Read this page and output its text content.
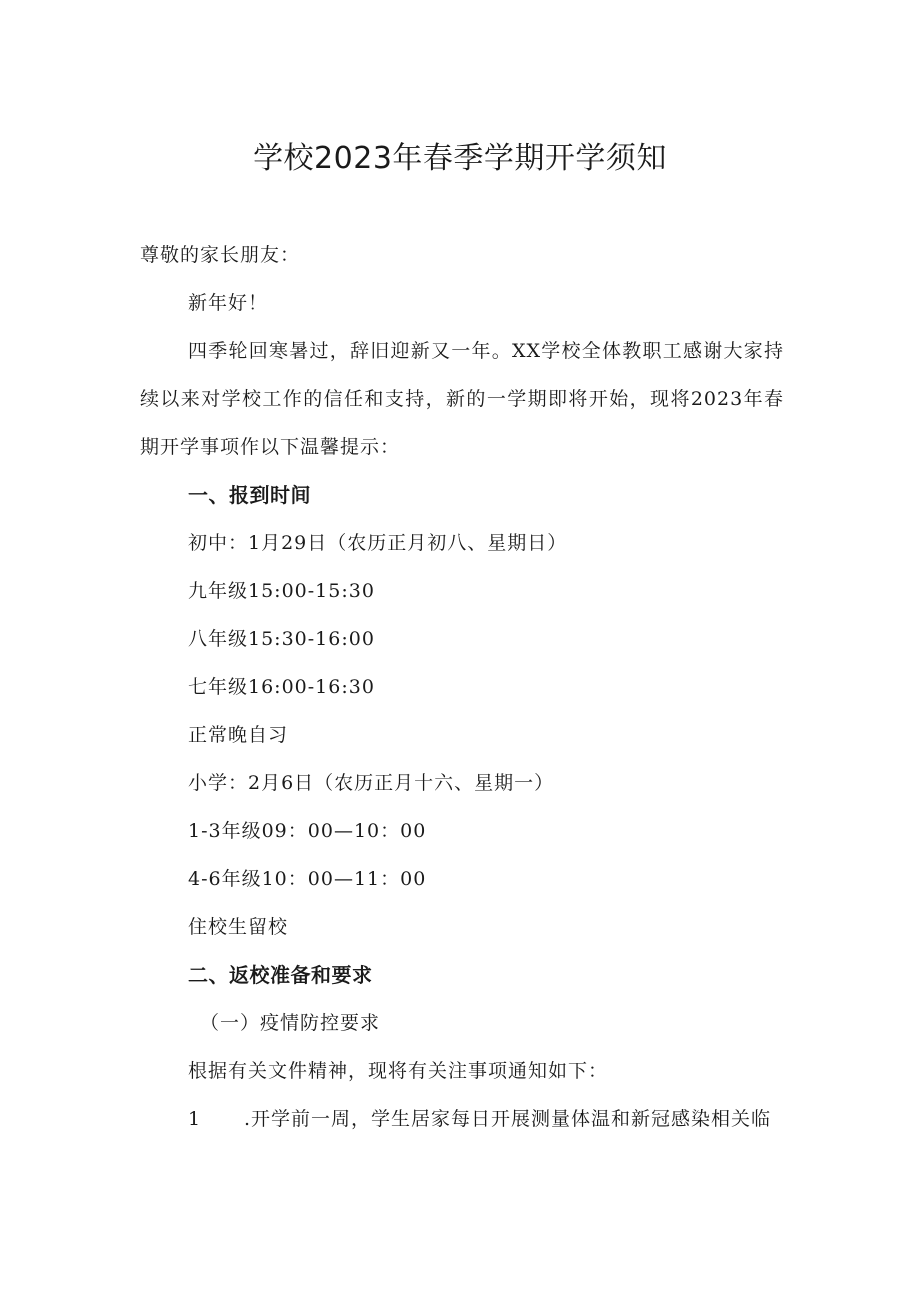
学校2023年春季学期开学须知
尊敬的家长朋友：
新年好！
四季轮回寒暑过，辞旧迎新又一年。XX学校全体教职工感谢大家持
续以来对学校工作的信任和支持，新的一学期即将开始，现将2023年春
期开学事项作以下温馨提示：
一、报到时间
初中：1月29日（农历正月初八、星期日）
九年级15:00-15:30
八年级15:30-16:00
七年级16:00-16:30
正常晚自习
小学：2月6日（农历正月十六、星期一）
1-3年级09：00—10：00
4-6年级10：00—11：00
住校生留校
二、返校准备和要求
（一）疫情防控要求
根据有关文件精神，现将有关注事项通知如下：
1 .开学前一周，学生居家每日开展测量体温和新冠感染相关临
